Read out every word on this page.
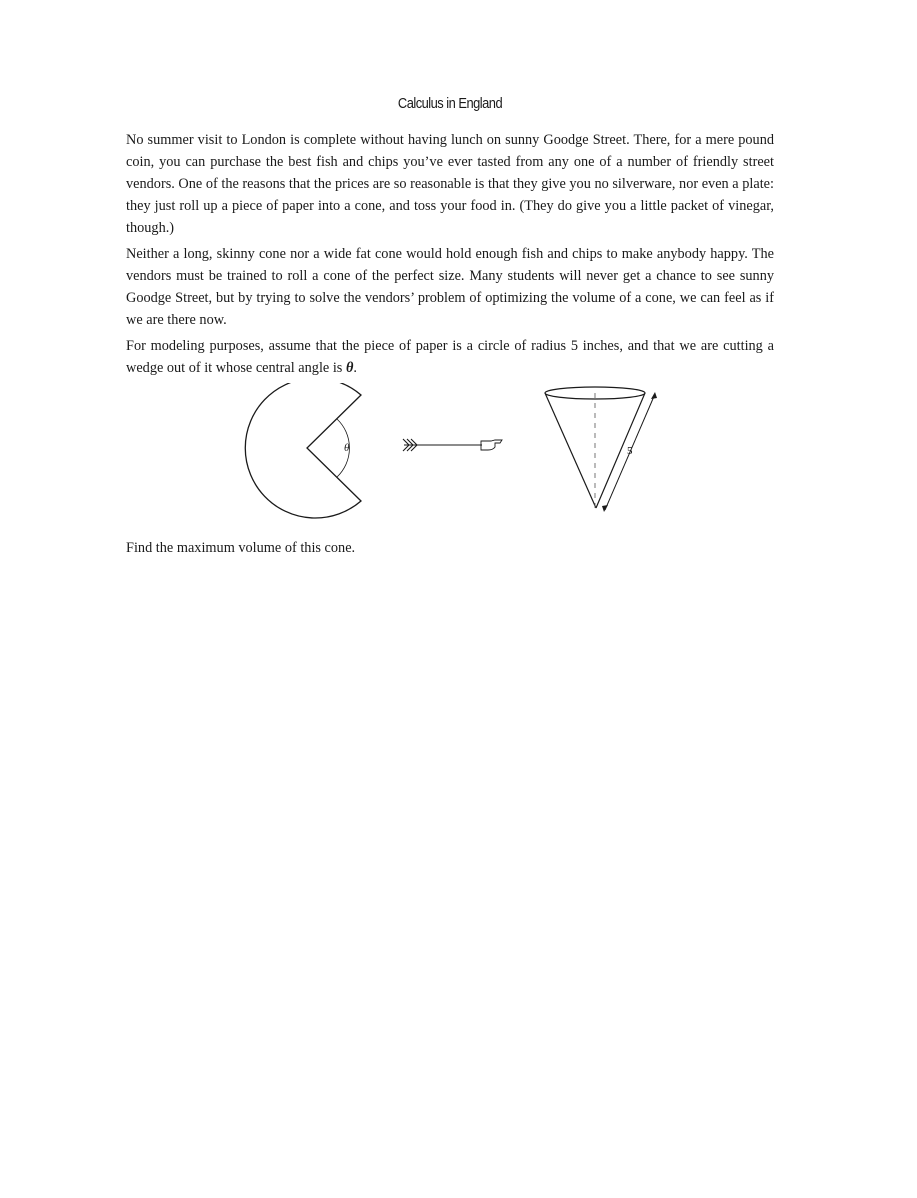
Calculus in England

No summer visit to London is complete without having lunch on sunny Goodge Street. There, for a mere pound coin, you can purchase the best fish and chips you’ve ever tasted from any one of a number of friendly street vendors. One of the reasons that the prices are so reasonable is that they give you no silverware, nor even a plate: they just roll up a piece of paper into a cone, and toss your food in. (They do give you a little packet of vinegar, though.)

Neither a long, skinny cone nor a wide fat cone would hold enough fish and chips to make anybody happy. The vendors must be trained to roll a cone of the perfect size. Many students will never get a chance to see sunny Goodge Street, but by trying to solve the vendors’ problem of optimizing the volume of a cone, we can feel as if we are there now.

For modeling purposes, assume that the piece of paper is a circle of radius 5 inches, and that we are cutting a wedge out of it whose central angle is θ.

θ	5
Find the maximum volume of this cone.
